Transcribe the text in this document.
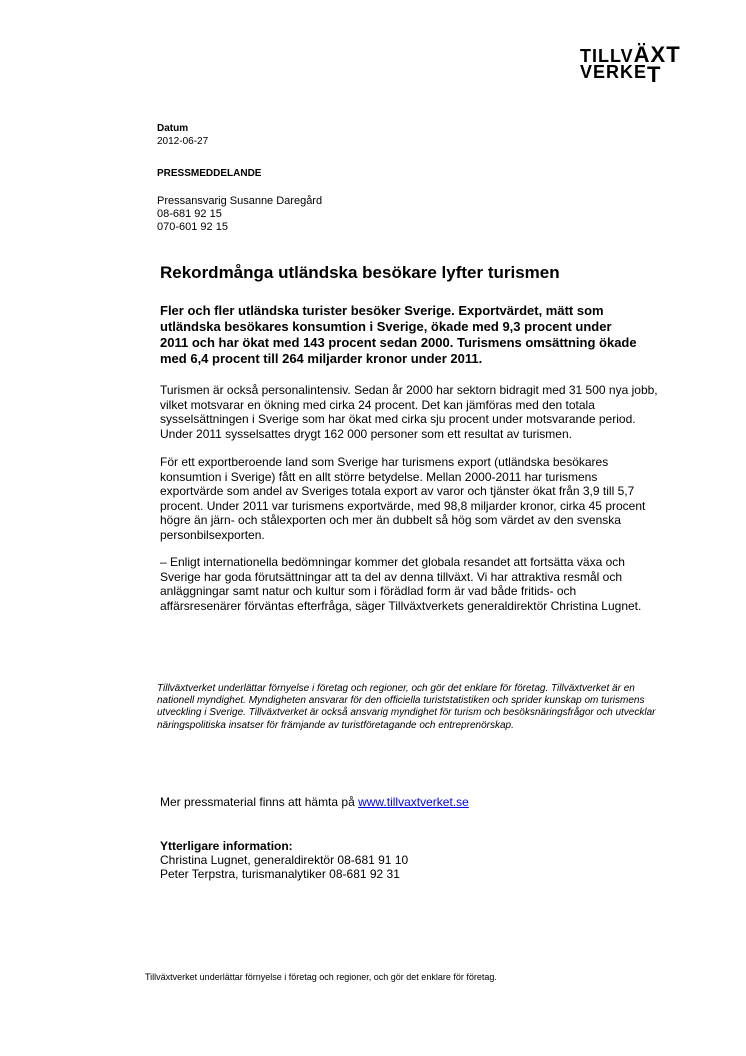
TILLVÄXT
VERKET
Datum
2012-06-27
PRESSMEDDELANDE
Pressansvarig Susanne Daregård
08-681 92 15
070-601 92 15
Rekordmånga utländska besökare lyfter turismen

Fler och fler utländska turister besöker Sverige. Exportvärdet, mätt som utländska besökares konsumtion i Sverige, ökade med 9,3 procent under 2011 och har ökat med 143 procent sedan 2000. Turismens omsättning ökade med 6,4 procent till 264 miljarder kronor under 2011.

Turismen är också personalintensiv. Sedan år 2000 har sektorn bidragit med 31 500 nya jobb, vilket motsvarar en ökning med cirka 24 procent. Det kan jämföras med den totala sysselsättningen i Sverige som har ökat med cirka sju procent under motsvarande period. Under 2011 sysselsattes drygt 162 000 personer som ett resultat av turismen.

För ett exportberoende land som Sverige har turismens export (utländska besökares konsumtion i Sverige) fått en allt större betydelse. Mellan 2000-2011 har turismens exportvärde som andel av Sveriges totala export av varor och tjänster ökat från 3,9 till 5,7 procent. Under 2011 var turismens exportvärde, med 98,8 miljarder kronor, cirka 45 procent högre än järn- och stålexporten och mer än dubbelt så hög som värdet av den svenska personbilsexporten.

– Enligt internationella bedömningar kommer det globala resandet att fortsätta växa och Sverige har goda förutsättningar att ta del av denna tillväxt. Vi har attraktiva resmål och anläggningar samt natur och kultur som i förädlad form är vad både fritids- och affärsresenärer förväntas efterfråga, säger Tillväxtverkets generaldirektör Christina Lugnet.

Tillväxtverket underlättar förnyelse i företag och regioner, och gör det enklare för företag. Tillväxtverket är en nationell myndighet. Myndigheten ansvarar för den officiella turiststatistiken och sprider kunskap om turismens utveckling i Sverige. Tillväxtverket är också ansvarig myndighet för turism och besöksnäringsfrågor och utvecklar näringspolitiska insatser för främjande av turistföretagande och entreprenörskap.

Mer pressmaterial finns att hämta på www.tillvaxtverket.se
Ytterligare information:
Christina Lugnet, generaldirektör 08-681 91 10
Peter Terpstra, turismanalytiker 08-681 92 31
Tillväxtverket underlättar förnyelse i företag och regioner, och gör det enklare för företag.
